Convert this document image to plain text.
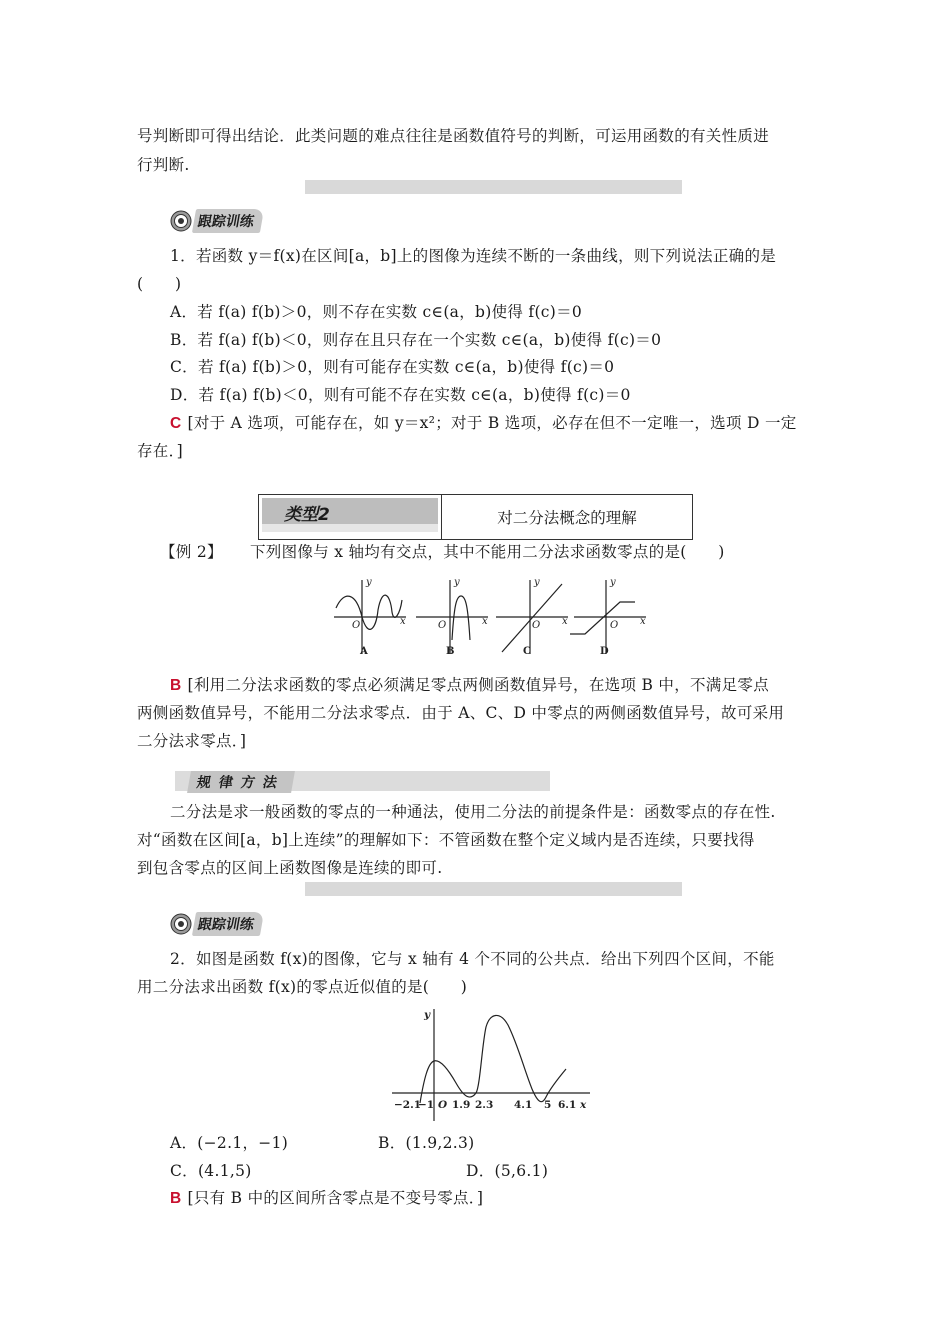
号判断即可得出结论．此类问题的难点往往是函数值符号的判断，可运用函数的有关性质进
行判断.
跟踪训练
1．若函数 y＝f(x)在区间[a，b]上的图像为连续不断的一条曲线，则下列说法正确的是
(　　)
A．若 f(a) f(b)＞0，则不存在实数 c∈(a，b)使得 f(c)＝0
B．若 f(a) f(b)＜0，则存在且只存在一个实数 c∈(a，b)使得 f(c)＝0
C．若 f(a) f(b)＞0，则有可能存在实数 c∈(a，b)使得 f(c)＝0
D．若 f(a) f(b)＜0，则有可能不存在实数 c∈(a，b)使得 f(c)＝0
C [对于 A 选项，可能存在，如 y＝x²；对于 B 选项，必存在但不一定唯一，选项 D 一定
存在．]
类型2	对二分法概念的理解
【例 2】 下列图像与 x 轴均有交点，其中不能用二分法求函数零点的是(　　)
y
x
O
y
x
O
y
x
O
y
x
O
A	B	C	D
B [利用二分法求函数的零点必须满足零点两侧函数值异号，在选项 B 中，不满足零点
两侧函数值异号，不能用二分法求零点．由于 A、C、D 中零点的两侧函数值异号，故可采用
二分法求零点．]
规律方法
二分法是求一般函数的零点的一种通法，使用二分法的前提条件是：函数零点的存在性.
对“函数在区间[a，b]上连续”的理解如下：不管函数在整个定义域内是否连续，只要找得
到包含零点的区间上函数图像是连续的即可.
跟踪训练
2．如图是函数 f(x)的图像，它与 x 轴有 4 个不同的公共点．给出下列四个区间，不能
用二分法求出函数 f(x)的零点近似值的是(　　)
y
−2.1
−1 O 1.9 2.3 4.1 5 6.1 x
A．(−2.1，−1)	B．(1.9,2.3)
C．(4.1,5)	D．(5,6.1)
B [只有 B 中的区间所含零点是不变号零点．]
